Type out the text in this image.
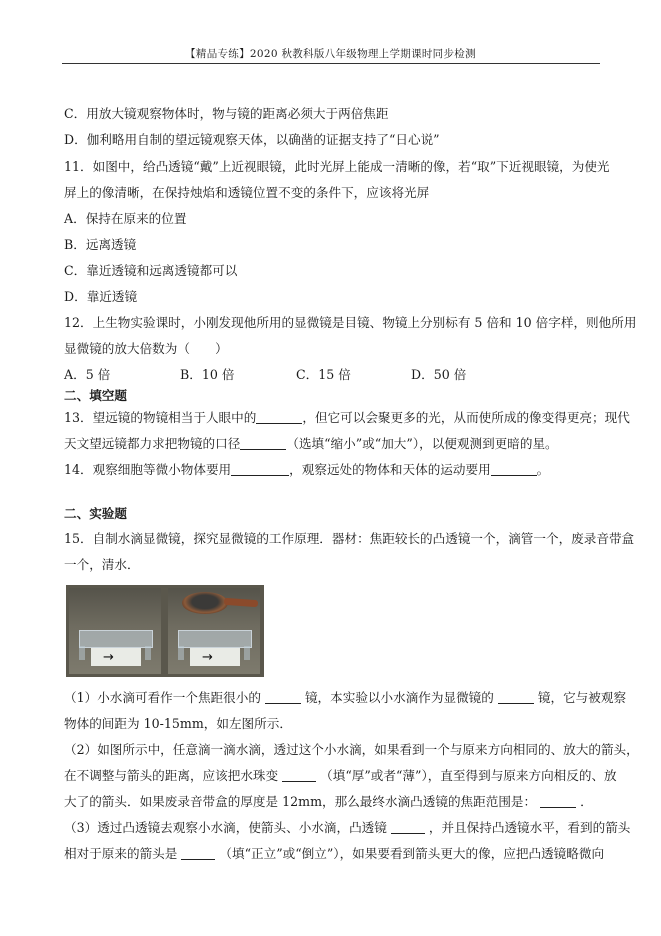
【精品专练】2020 秋教科版八年级物理上学期课时同步检测
C．用放大镜观察物体时，物与镜的距离必须大于两倍焦距
D．伽利略用自制的望远镜观察天体，以确凿的证据支持了“日心说”
11．如图中，给凸透镜“戴”上近视眼镜，此时光屏上能成一清晰的像，若“取”下近视眼镜，为使光
屏上的像清晰，在保持烛焰和透镜位置不变的条件下，应该将光屏
A．保持在原来的位置
B．远离透镜
C．靠近透镜和远离透镜都可以
D．靠近透镜
12．上生物实验课时，小刚发现他所用的显微镜是目镜、物镜上分别标有 5 倍和 10 倍字样，则他所用
显微镜的放大倍数为（　　）
A．5 倍	B．10 倍	C．15 倍	D．50 倍
二、填空题
13．望远镜的物镜相当于人眼中的	，但它可以会聚更多的光，从而使所成的像变得更亮；现代
天文望远镜都力求把物镜的口径	（选填“缩小”或“加大”），以便观测到更暗的星。
14．观察细胞等微小物体要用	，观察远处的物体和天体的运动要用	。
二、实验题
15．自制水滴显微镜，探究显微镜的工作原理．器材：焦距较长的凸透镜一个，滴管一个，废录音带盒
一个，清水．
→	→
（1）小水滴可看作一个焦距很小的	镜，本实验以小水滴作为显微镜的	镜，它与被观察
物体的间距为 10-15mm，如左图所示．
（2）如图所示中，任意滴一滴水滴，透过这个小水滴，如果看到一个与原来方向相同的、放大的箭头，
在不调整与箭头的距离，应该把水珠变	（填“厚”或者“薄”），直至得到与原来方向相反的、放
大了的箭头．如果废录音带盒的厚度是 12mm，那么最终水滴凸透镜的焦距范围是：	．
（3）透过凸透镜去观察小水滴，使箭头、小水滴，凸透镜	，并且保持凸透镜水平，看到的箭头
相对于原来的箭头是	（填“正立”或“倒立”），如果要看到箭头更大的像，应把凸透镜略微向
